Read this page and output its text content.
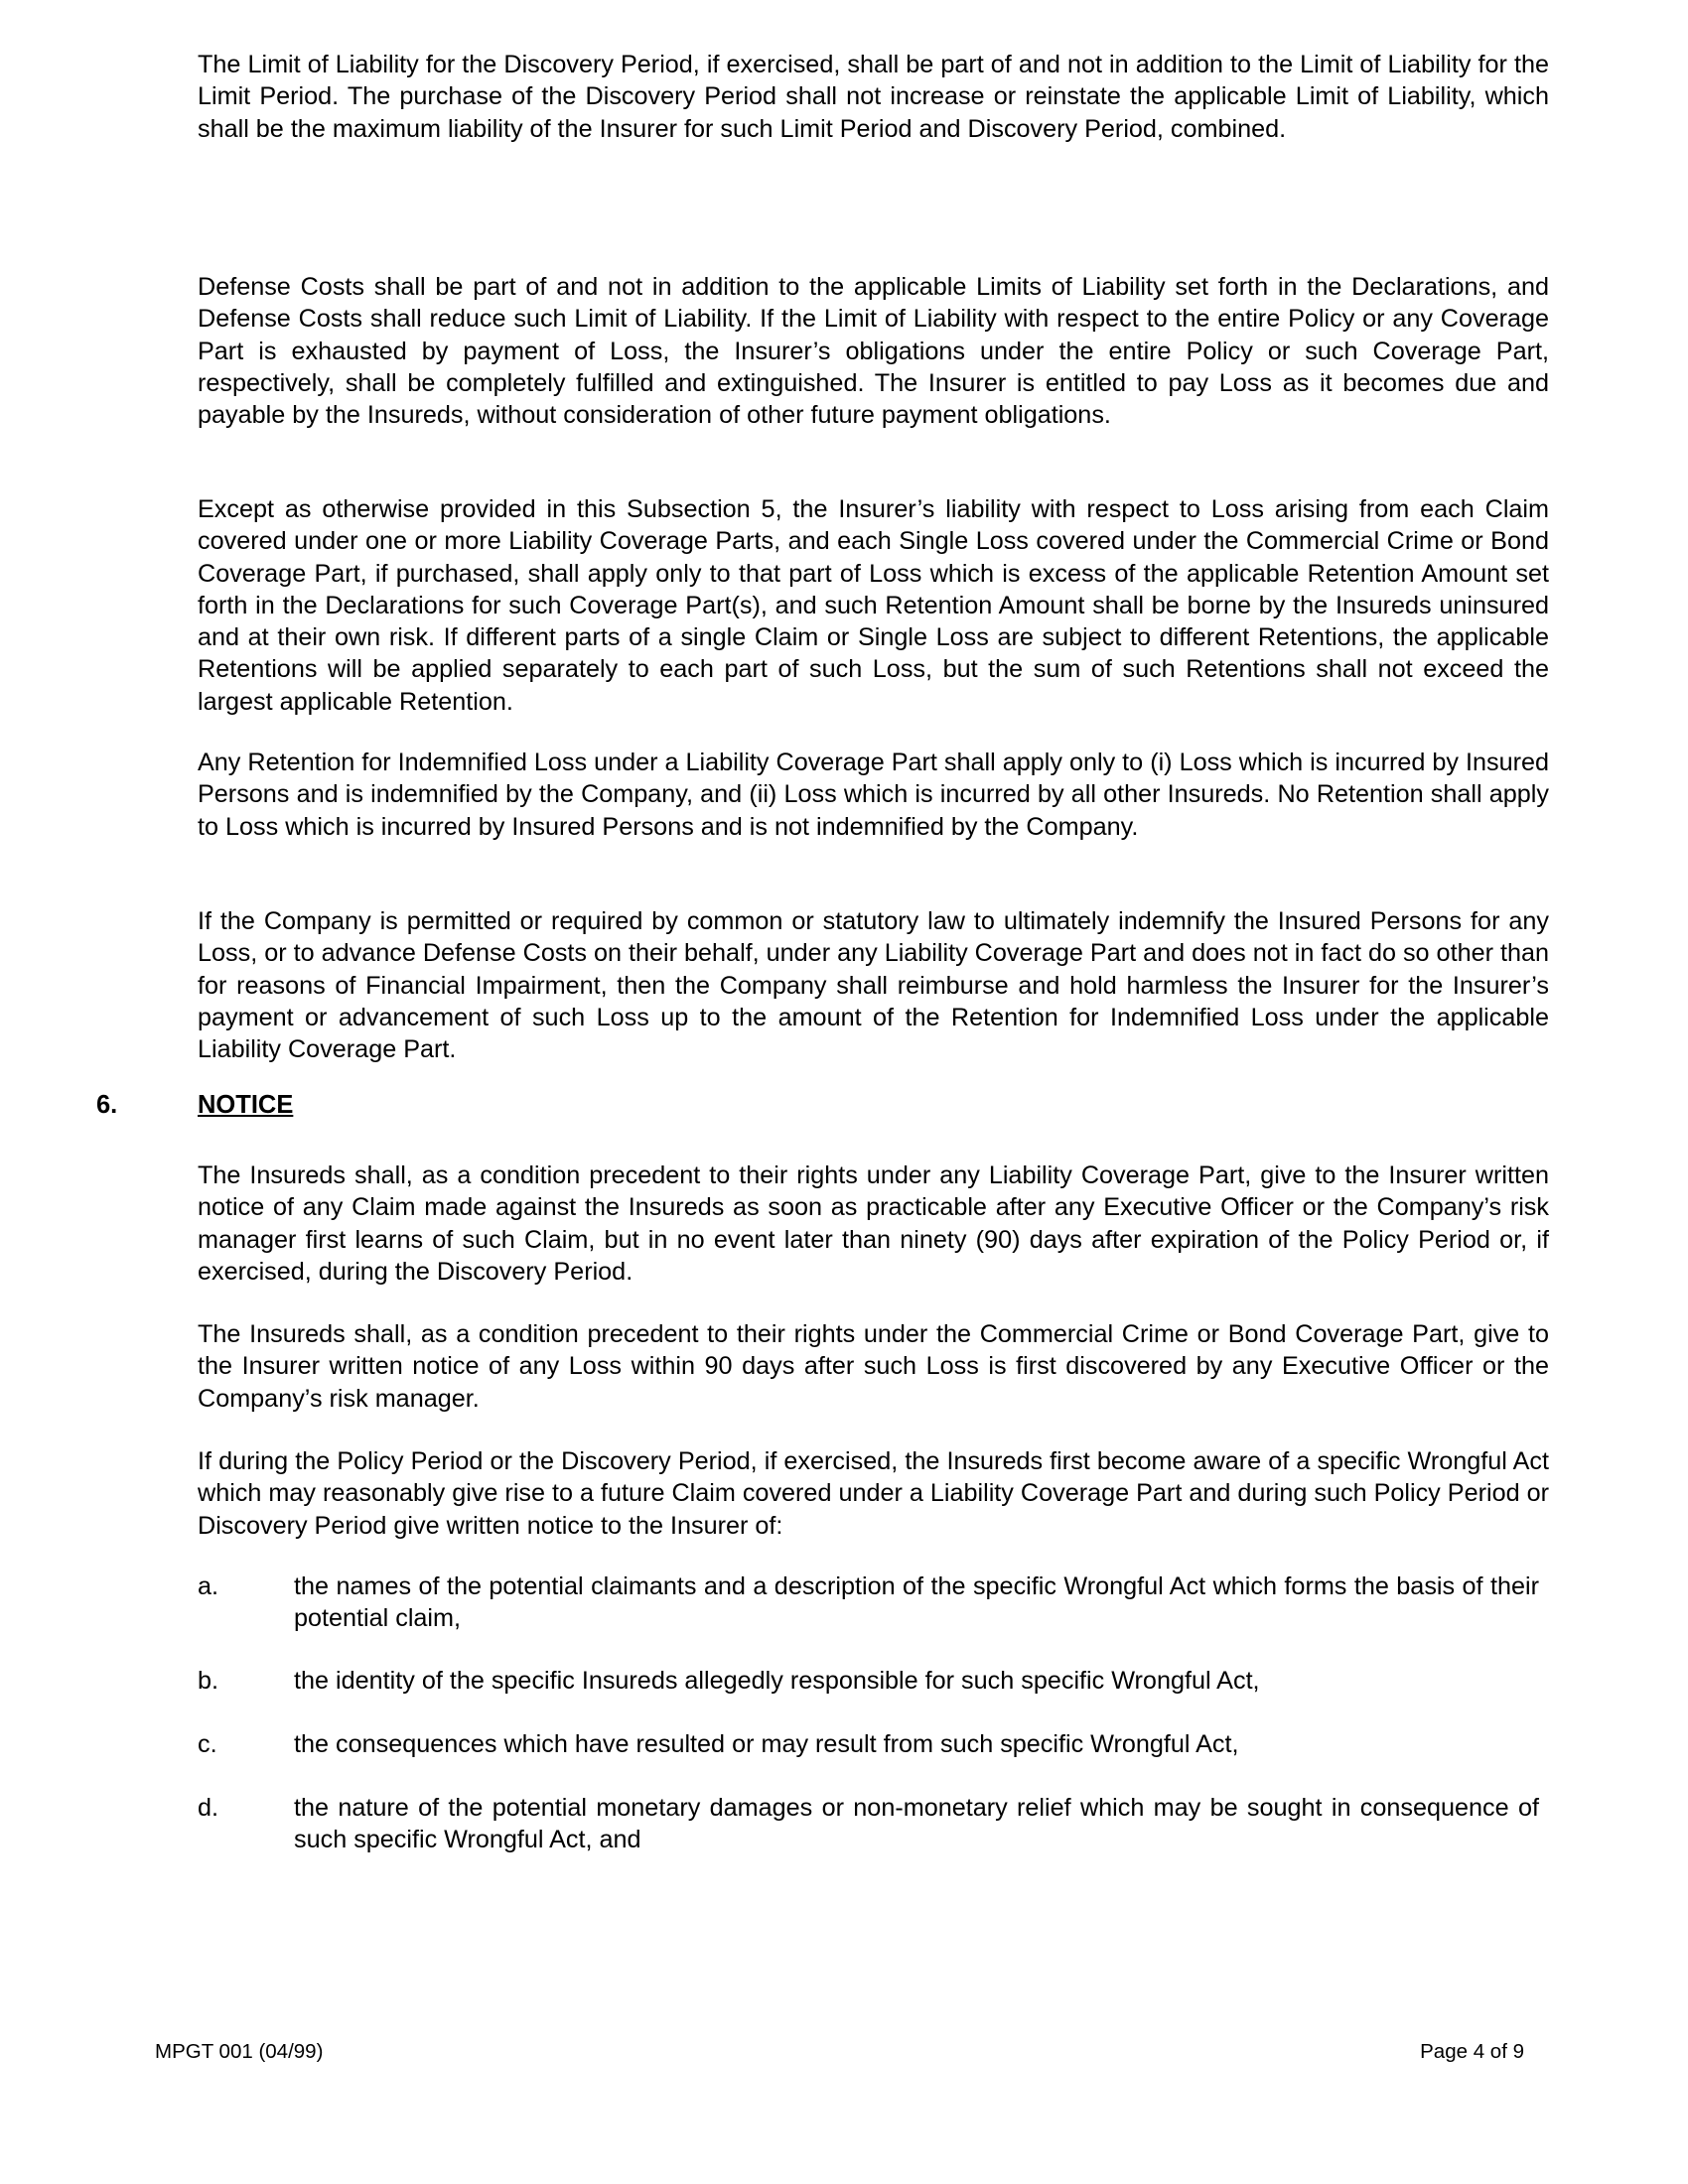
The Limit of Liability for the Discovery Period, if exercised, shall be part of and not in addition to the Limit of Liability for the Limit Period. The purchase of the Discovery Period shall not increase or reinstate the applicable Limit of Liability, which shall be the maximum liability of the Insurer for such Limit Period and Discovery Period, combined.

Defense Costs shall be part of and not in addition to the applicable Limits of Liability set forth in the Declarations, and Defense Costs shall reduce such Limit of Liability. If the Limit of Liability with respect to the entire Policy or any Coverage Part is exhausted by payment of Loss, the Insurer’s obligations under the entire Policy or such Coverage Part, respectively, shall be completely fulfilled and extinguished. The Insurer is entitled to pay Loss as it becomes due and payable by the Insureds, without consideration of other future payment obligations.

Except as otherwise provided in this Subsection 5, the Insurer’s liability with respect to Loss arising from each Claim covered under one or more Liability Coverage Parts, and each Single Loss covered under the Commercial Crime or Bond Coverage Part, if purchased, shall apply only to that part of Loss which is excess of the applicable Retention Amount set forth in the Declarations for such Coverage Part(s), and such Retention Amount shall be borne by the Insureds uninsured and at their own risk. If different parts of a single Claim or Single Loss are subject to different Retentions, the applicable Retentions will be applied separately to each part of such Loss, but the sum of such Retentions shall not exceed the largest applicable Retention.

Any Retention for Indemnified Loss under a Liability Coverage Part shall apply only to (i) Loss which is incurred by Insured Persons and is indemnified by the Company, and (ii) Loss which is incurred by all other Insureds. No Retention shall apply to Loss which is incurred by Insured Persons and is not indemnified by the Company.

If the Company is permitted or required by common or statutory law to ultimately indemnify the Insured Persons for any Loss, or to advance Defense Costs on their behalf, under any Liability Coverage Part and does not in fact do so other than for reasons of Financial Impairment, then the Company shall reimburse and hold harmless the Insurer for the Insurer’s payment or advancement of such Loss up to the amount of the Retention for Indemnified Loss under the applicable Liability Coverage Part.

6.	NOTICE

The Insureds shall, as a condition precedent to their rights under any Liability Coverage Part, give to the Insurer written notice of any Claim made against the Insureds as soon as practicable after any Executive Officer or the Company’s risk manager first learns of such Claim, but in no event later than ninety (90) days after expiration of the Policy Period or, if exercised, during the Discovery Period.

The Insureds shall, as a condition precedent to their rights under the Commercial Crime or Bond Coverage Part, give to the Insurer written notice of any Loss within 90 days after such Loss is first discovered by any Executive Officer or the Company’s risk manager.

If during the Policy Period or the Discovery Period, if exercised, the Insureds first become aware of a specific Wrongful Act which may reasonably give rise to a future Claim covered under a Liability Coverage Part and during such Policy Period or Discovery Period give written notice to the Insurer of:

a.	the names of the potential claimants and a description of the specific Wrongful Act which forms the basis of their potential claim,

b.	the identity of the specific Insureds allegedly responsible for such specific Wrongful Act,

c.	the consequences which have resulted or may result from such specific Wrongful Act,

d.	the nature of the potential monetary damages or non-monetary relief which may be sought in consequence of such specific Wrongful Act, and

MPGT 001 (04/99)	Page 4 of 9
